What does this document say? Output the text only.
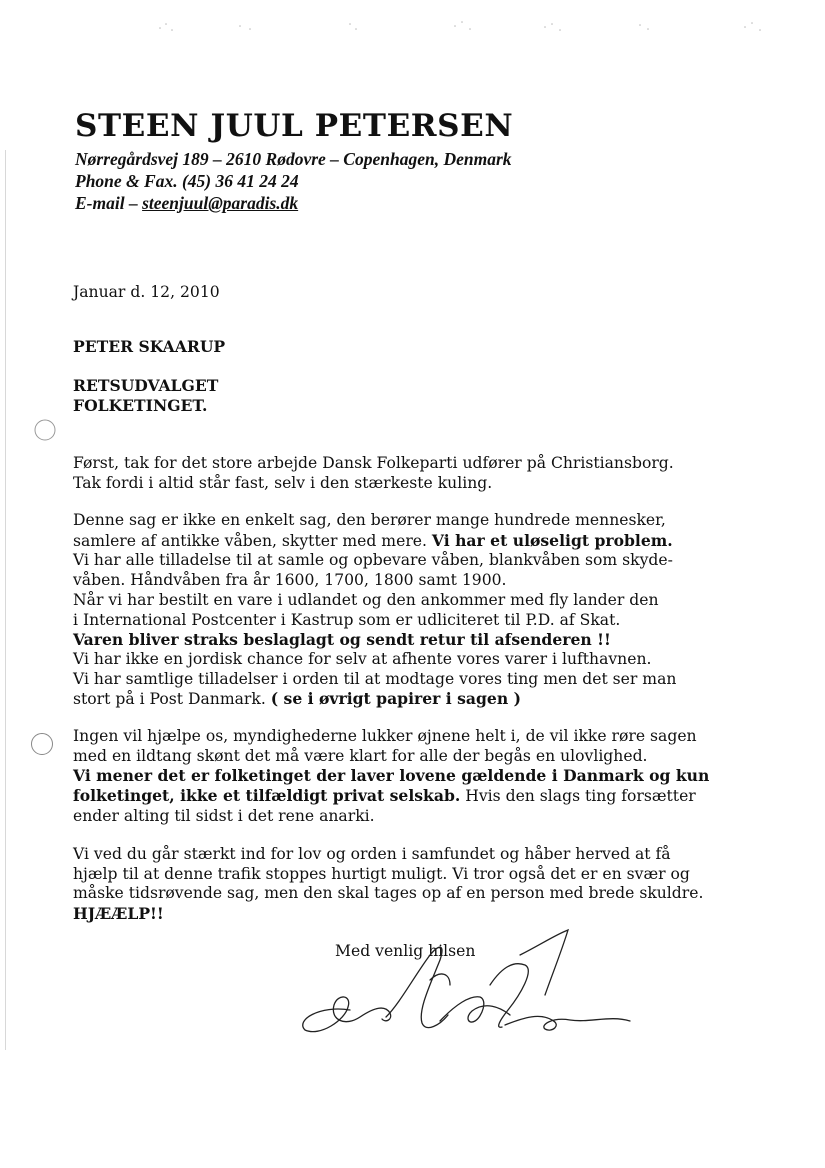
STEEN JUUL PETERSEN

Nørregårdsvej 189 – 2610 Rødovre – Copenhagen, Denmark

Phone & Fax. (45) 36 41 24 24

E-mail – steenjuul@paradis.dk

Januar d. 12, 2010
PETER SKAARUP

RETSUDVALGET

FOLKETINGET.

Først, tak for det store arbejde Dansk Folkeparti udfører på Christiansborg.

Tak fordi i altid står fast, selv i den stærkeste kuling.

Denne sag er ikke en enkelt sag, den berører mange hundrede mennesker,

samlere af antikke våben, skytter med mere. Vi har et uløseligt problem.

Vi har alle tilladelse til at samle og opbevare våben, blankvåben som skyde-

våben. Håndvåben fra år 1600, 1700, 1800 samt 1900.

Når vi har bestilt en vare i udlandet og den ankommer med fly lander den

i International Postcenter i Kastrup som er udliciteret til P.D. af Skat.

Varen bliver straks beslaglagt og sendt retur til afsenderen !!

Vi har ikke en jordisk chance for selv at afhente vores varer i lufthavnen.

Vi har samtlige tilladelser i orden til at modtage vores ting men det ser man

stort på i Post Danmark. ( se i øvrigt papirer i sagen )

Ingen vil hjælpe os, myndighederne lukker øjnene helt i, de vil ikke røre sagen

med en ildtang skønt det må være klart for alle der begås en ulovlighed.

Vi mener det er folketinget der laver lovene gældende i Danmark og kun

folketinget, ikke et tilfældigt privat selskab. Hvis den slags ting forsætter

ender alting til sidst i det rene anarki.

Vi ved du går stærkt ind for lov og orden i samfundet og håber herved at få

hjælp til at denne trafik stoppes hurtigt muligt. Vi tror også det er en svær og

måske tidsrøvende sag, men den skal tages op af en person med brede skuldre.

HJÆÆLP!!

Med venlig hilsen
